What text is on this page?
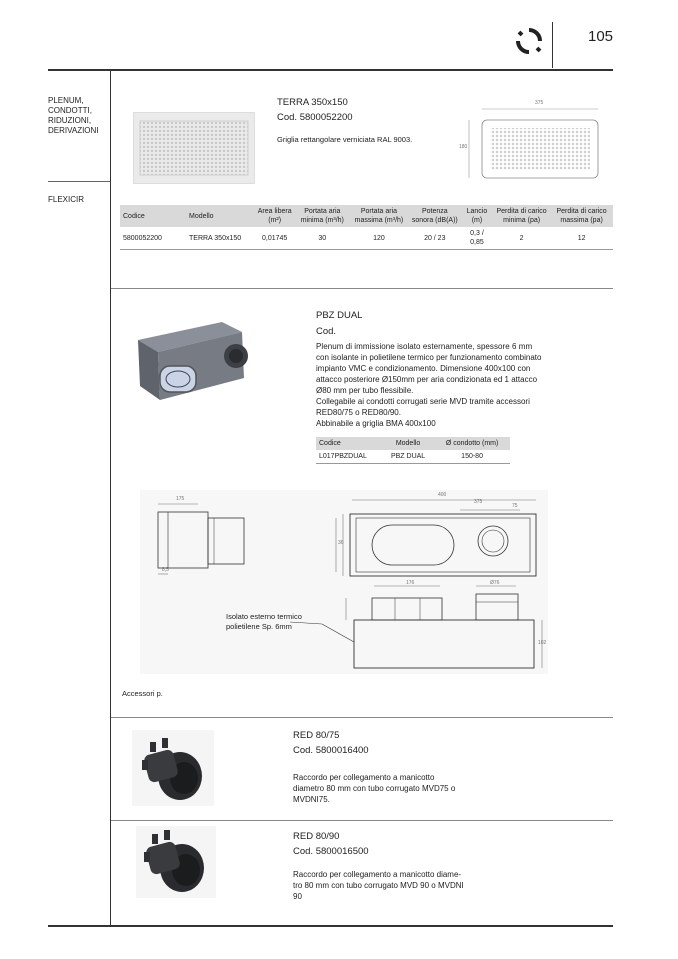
105
PLENUM,
CONDOTTI,
RIDUZIONI,
DERIVAZIONI
FLEXICIR
TERRA 350x150
Cod. 5800052200
Griglia rettangolare verniciata RAL 9003.
375
180
Codice	Modello	Area libera (m²)	Portata aria minima (m³/h)	Portata aria massima (m³/h)	Potenza sonora (dB(A))	Lancio (m)	Perdita di carico minima (pa)	Perdita di carico massima (pa)
5800052200	TERRA 350x150	0,01745	30	120	20 / 23	0,3 / 0,85	2	12
PBZ DUAL
Cod.
Plenum di immissione isolato esternamente, spessore 6 mm
con isolante in polietilene termico per funzionamento combinato
impianto VMC e condizionamento. Dimensione 400x100 con
attacco posteriore Ø150mm per aria condizionata ed 1 attacco
Ø80 mm per tubo flessibile.
Collegabile ai condotti corrugati serie MVD tramite accessori
RED80/75 o RED80/90.
Abbinabile a griglia BMA 400x100
Codice	Modello	Ø condotto (mm)
L017PBZDUAL	PBZ DUAL	150-80
175
8,5
400
375
75
36
176	Ø76
102
Isolato esterno termico
polietilene Sp. 6mm
Accessori p.
RED 80/75
Cod. 5800016400
Raccordo per collegamento a manicotto
diametro 80 mm con tubo corrugato MVD75 o
MVDNI75.
RED 80/90
Cod. 5800016500
Raccordo per collegamento a manicotto diame-
tro 80 mm con tubo corrugato MVD 90 o MVDNI
90
